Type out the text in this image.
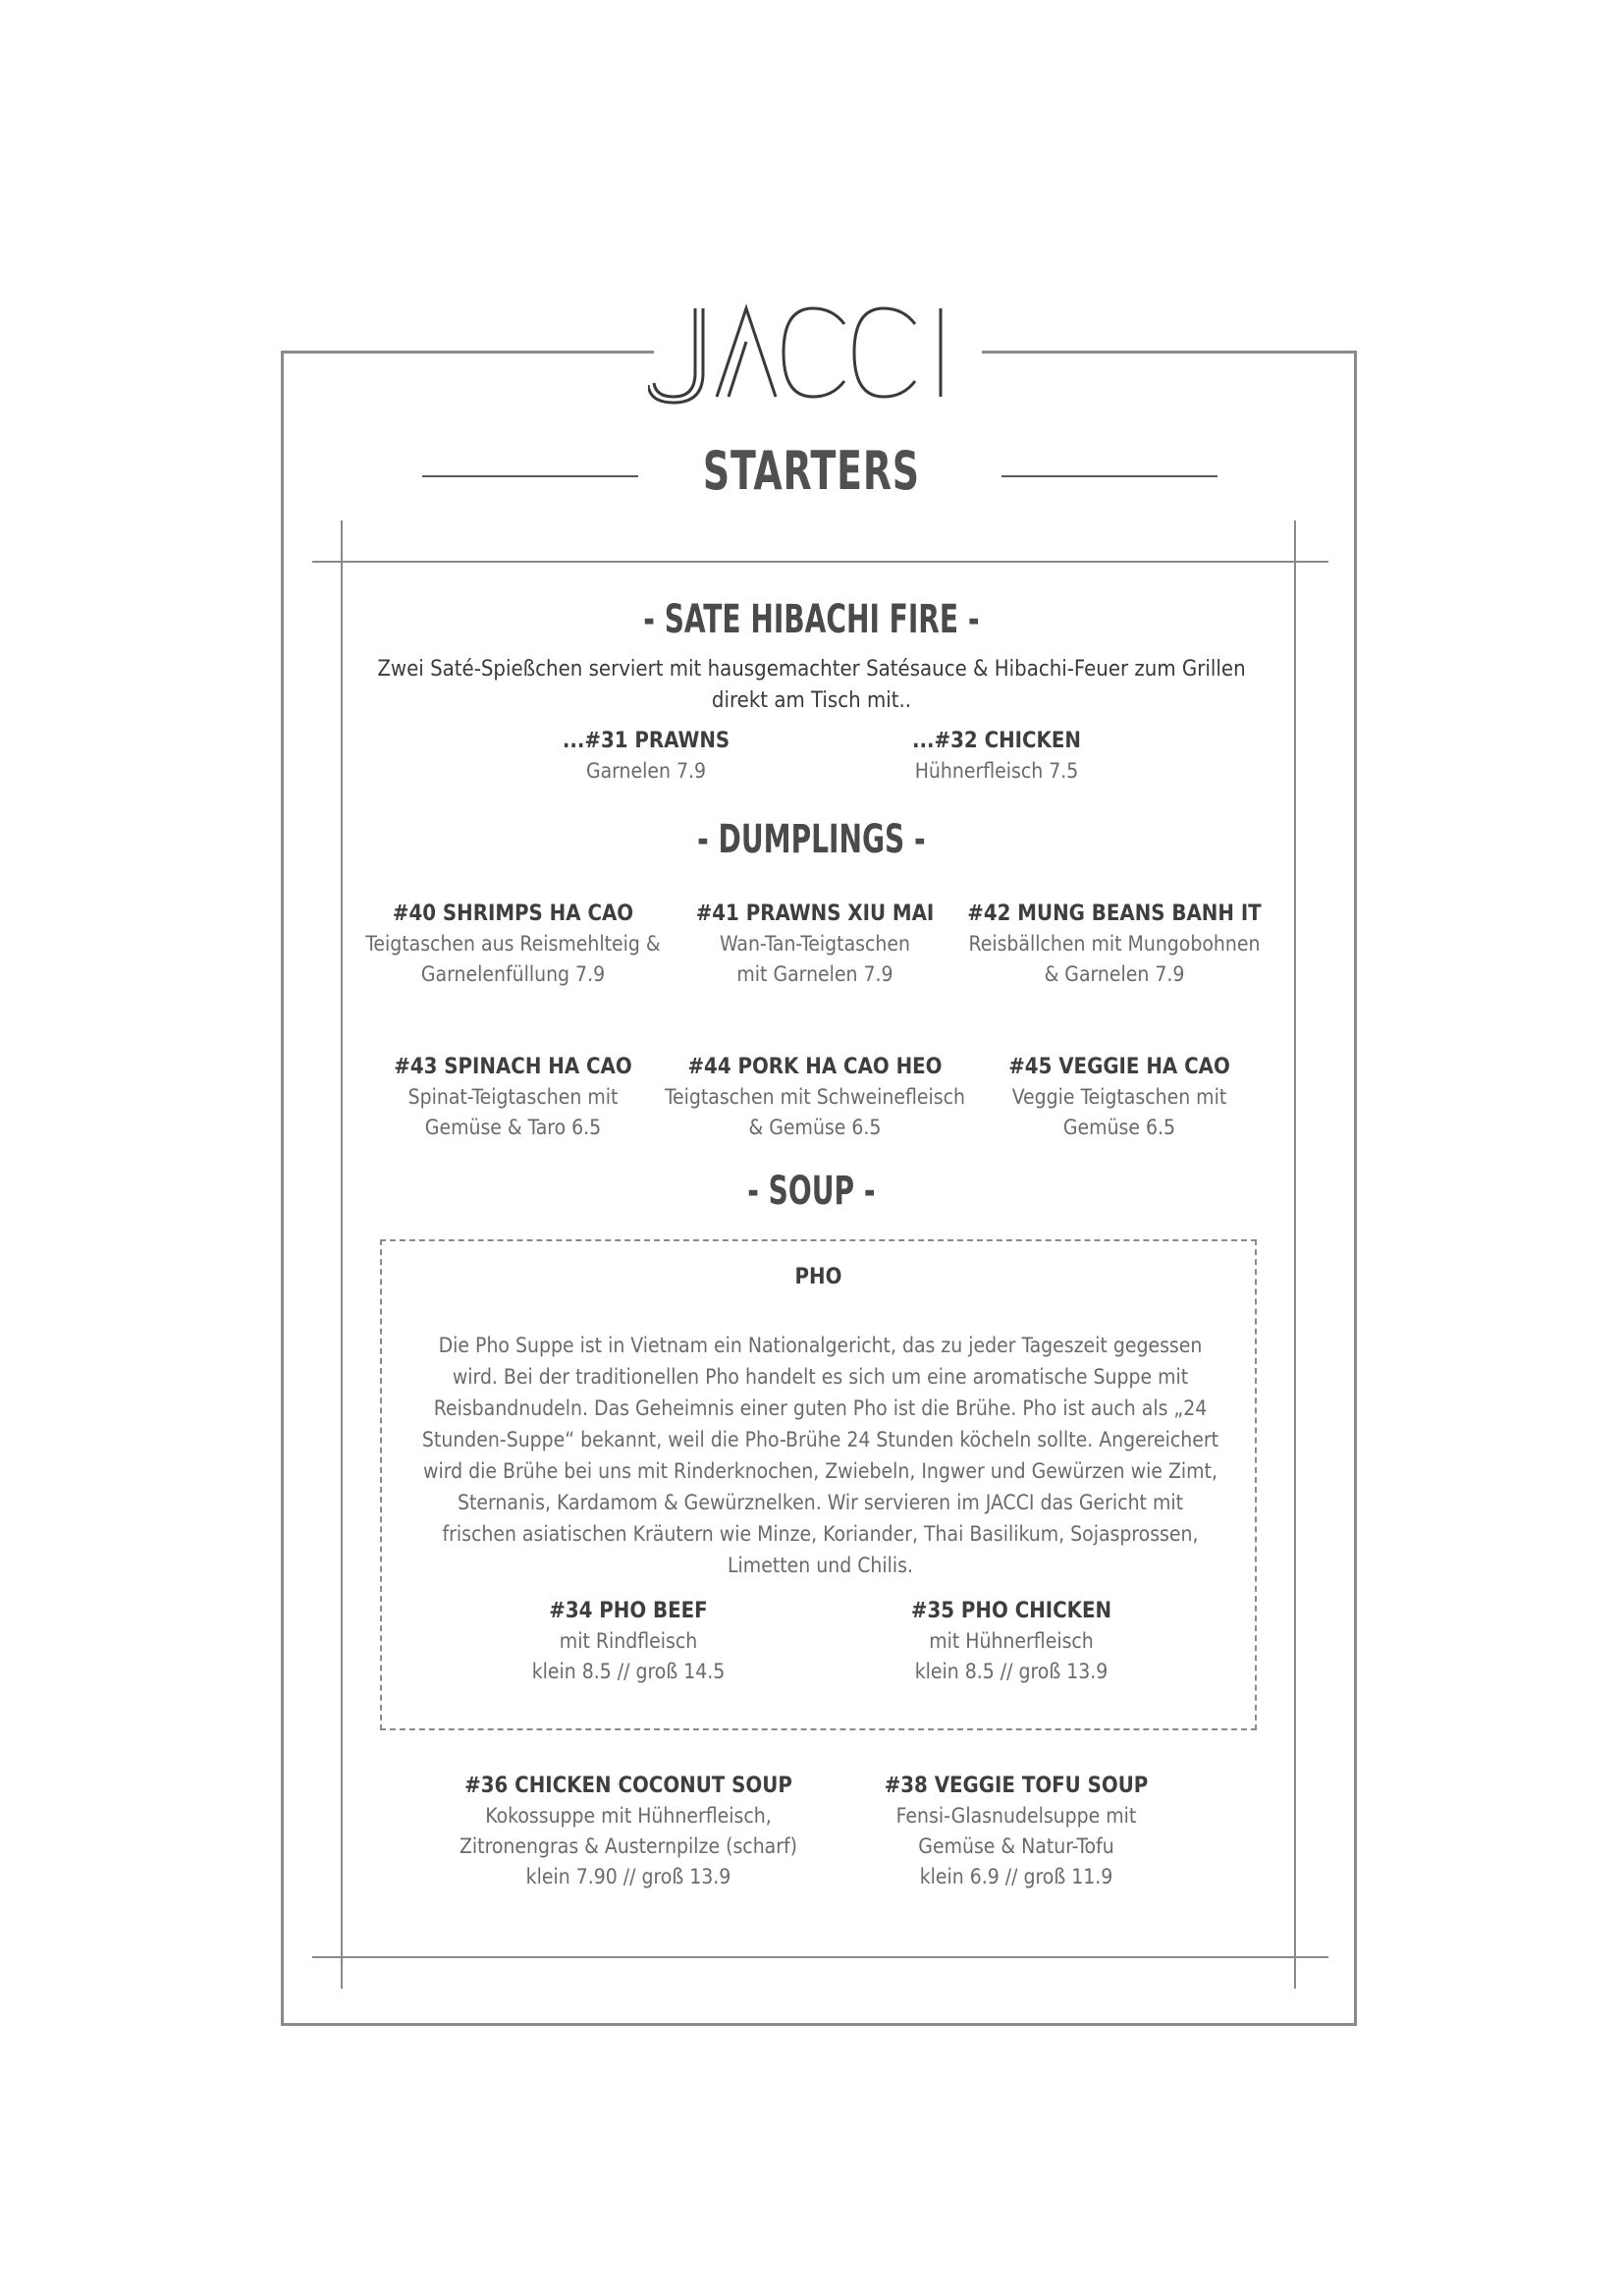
STARTERS
- SATE HIBACHI FIRE -
Zwei Saté-Spießchen serviert mit hausgemachter Satésauce & Hibachi-Feuer zum Grillen direkt am Tisch mit..
...#31 PRAWNS
Garnelen 7.9
...#32 CHICKEN
Hühnerfleisch 7.5
- DUMPLINGS -
#40 SHRIMPS HA CAO
Teigtaschen aus Reismehlteig & Garnelenfüllung 7.9
#41 PRAWNS XIU MAI
Wan-Tan-Teigtaschen mit Garnelen 7.9
#42 MUNG BEANS BANH IT
Reisbällchen mit Mungobohnen & Garnelen 7.9
#43 SPINACH HA CAO
Spinat-Teigtaschen mit Gemüse & Taro 6.5
#44 PORK HA CAO HEO
Teigtaschen mit Schweinefleisch & Gemüse 6.5
#45 VEGGIE HA CAO
Veggie Teigtaschen mit Gemüse 6.5
- SOUP -
PHO
Die Pho Suppe ist in Vietnam ein Nationalgericht, das zu jeder Tageszeit gegessen wird. Bei der traditionellen Pho handelt es sich um eine aromatische Suppe mit Reisbandnudeln. Das Geheimnis einer guten Pho ist die Brühe. Pho ist auch als „24 Stunden-Suppe“ bekannt, weil die Pho-Brühe 24 Stunden köcheln sollte. Angereichert wird die Brühe bei uns mit Rinderknochen, Zwiebeln, Ingwer und Gewürzen wie Zimt, Sternanis, Kardamom & Gewürznelken. Wir servieren im JACCI das Gericht mit frischen asiatischen Kräutern wie Minze, Koriander, Thai Basilikum, Sojasprossen, Limetten und Chilis.
#34 PHO BEEF
mit Rindfleisch
klein 8.5 // groß 14.5
#35 PHO CHICKEN
mit Hühnerfleisch
klein 8.5 // groß 13.9
#36 CHICKEN COCONUT SOUP
Kokossuppe mit Hühnerfleisch,
Zitronengras & Austernpilze (scharf)
klein 7.90 // groß 13.9
#38 VEGGIE TOFU SOUP
Fensi-Glasnudelsuppe mit
Gemüse & Natur-Tofu
klein 6.9 // groß 11.9
